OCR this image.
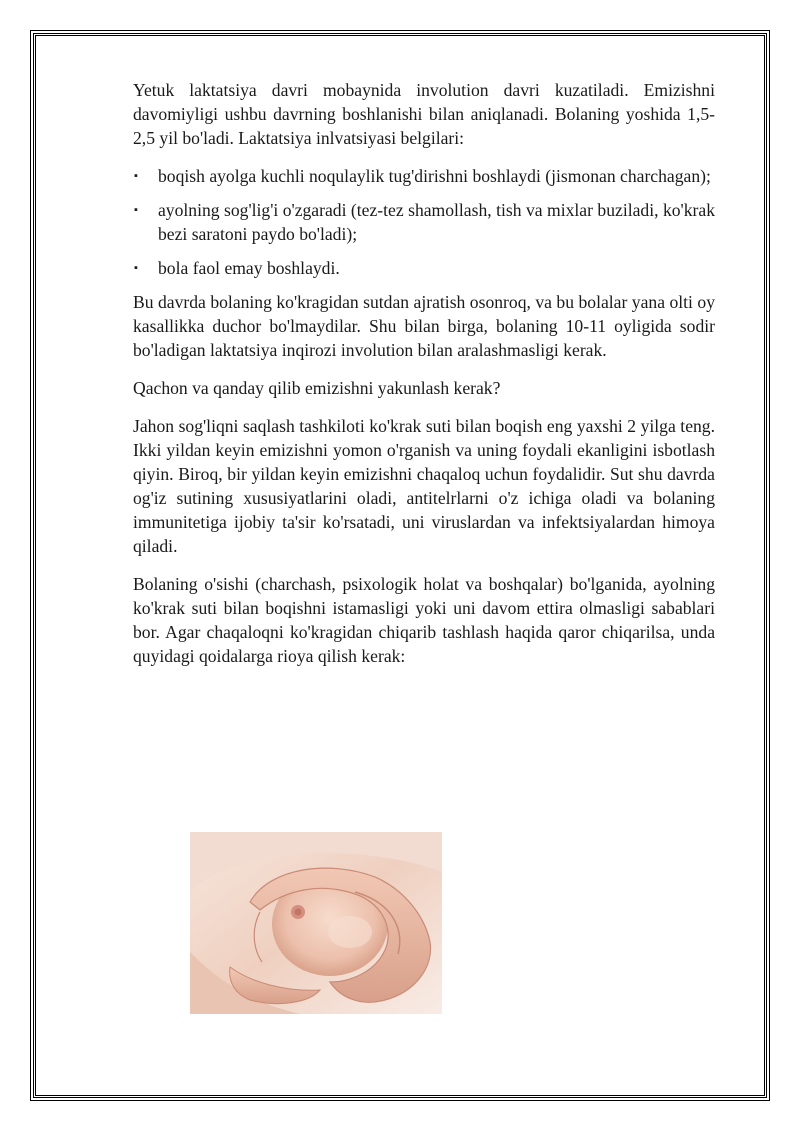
Yetuk laktatsiya davri mobaynida involution davri kuzatiladi. Emizishni davomiyligi ushbu davrning boshlanishi bilan aniqlanadi. Bolaning yoshida 1,5-2,5 yil bo'ladi. Laktatsiya inlvatsiyasi belgilari:

▪ boqish ayolga kuchli noqulaylik tug'dirishni boshlaydi (jismonan charchagan);
▪ ayolning sog'lig'i o'zgaradi (tez-tez shamollash, tish va mixlar buziladi, ko'krak bezi saratoni paydo bo'ladi);
▪ bola faol emay boshlaydi.

Bu davrda bolaning ko'kragidan sutdan ajratish osonroq, va bu bolalar yana olti oy kasallikka duchor bo'lmaydilar. Shu bilan birga, bolaning 10-11 oyligida sodir bo'ladigan laktatsiya inqirozi involution bilan aralashmasligi kerak.

Qachon va qanday qilib emizishni yakunlash kerak?

Jahon sog'liqni saqlash tashkiloti ko'krak suti bilan boqish eng yaxshi 2 yilga teng. Ikki yildan keyin emizishni yomon o'rganish va uning foydali ekanligini isbotlash qiyin. Biroq, bir yildan keyin emizishni chaqaloq uchun foydalidir. Sut shu davrda og'iz sutining xususiyatlarini oladi, antitelrlarni o'z ichiga oladi va bolaning immunitetiga ijobiy ta'sir ko'rsatadi, uni viruslardan va infektsiyalardan himoya qiladi.

Bolaning o'sishi (charchash, psixologik holat va boshqalar) bo'lganida, ayolning ko'krak suti bilan boqishni istamasligi yoki uni davom ettira olmasligi sabablari bor. Agar chaqaloqni ko'kragidan chiqarib tashlash haqida qaror chiqarilsa, unda quyidagi qoidalarga rioya qilish kerak:
